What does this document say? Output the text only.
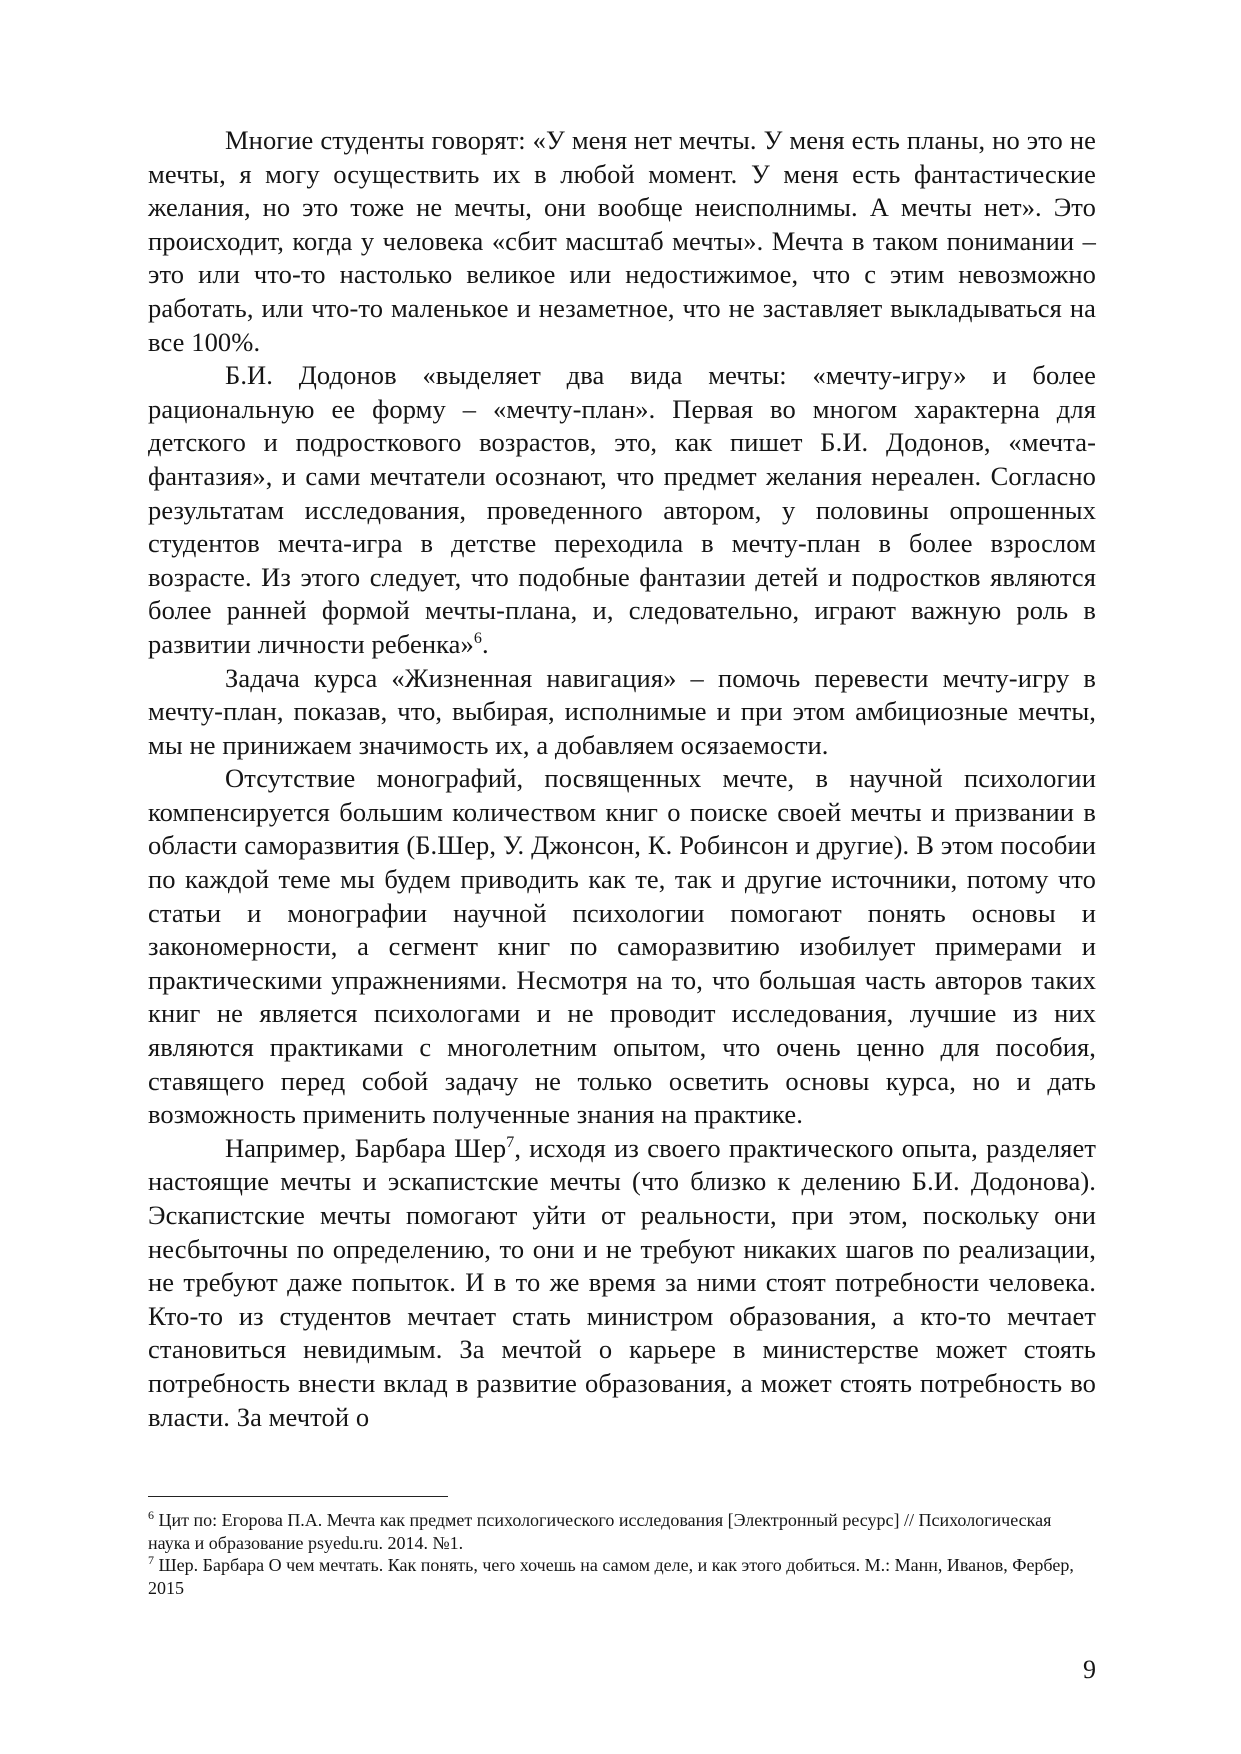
Многие студенты говорят: «У меня нет мечты. У меня есть планы, но это не мечты, я могу осуществить их в любой момент. У меня есть фантастические желания, но это тоже не мечты, они вообще неисполнимы. А мечты нет». Это происходит, когда у человека «сбит масштаб мечты». Мечта в таком понимании – это или что-то настолько великое или недостижимое, что с этим невозможно работать, или что-то маленькое и незаметное, что не заставляет выкладываться на все 100%.

Б.И. Додонов «выделяет два вида мечты: «мечту-игру» и более рациональную ее форму – «мечту-план». Первая во многом характерна для детского и подросткового возрастов, это, как пишет Б.И. Додонов, «мечта-фантазия», и сами мечтатели осознают, что предмет желания нереален. Согласно результатам исследования, проведенного автором, у половины опрошенных студентов мечта-игра в детстве переходила в мечту-план в более взрослом возрасте. Из этого следует, что подобные фантазии детей и подростков являются более ранней формой мечты-плана, и, следовательно, играют важную роль в развитии личности ребенка»$^6$.

Задача курса «Жизненная навигация» – помочь перевести мечту-игру в мечту-план, показав, что, выбирая, исполнимые и при этом амбициозные мечты, мы не принижаем значимость их, а добавляем осязаемости.

Отсутствие монографий, посвященных мечте, в научной психологии компенсируется большим количеством книг о поиске своей мечты и призвании в области саморазвития (Б.Шер, У. Джонсон, К. Робинсон и другие). В этом пособии по каждой теме мы будем приводить как те, так и другие источники, потому что статьи и монографии научной психологии помогают понять основы и закономерности, а сегмент книг по саморазвитию изобилует примерами и практическими упражнениями. Несмотря на то, что большая часть авторов таких книг не является психологами и не проводит исследования, лучшие из них являются практиками с многолетним опытом, что очень ценно для пособия, ставящего перед собой задачу не только осветить основы курса, но и дать возможность применить полученные знания на практике.

Например, Барбара Шер$^7$, исходя из своего практического опыта, разделяет настоящие мечты и эскапистские мечты (что близко к делению Б.И. Додонова). Эскапистские мечты помогают уйти от реальности, при этом, поскольку они несбыточны по определению, то они и не требуют никаких шагов по реализации, не требуют даже попыток. И в то же время за ними стоят потребности человека. Кто-то из студентов мечтает стать министром образования, а кто-то мечтает становиться невидимым. За мечтой о карьере в министерстве может стоять потребность внести вклад в развитие образования, а может стоять потребность во власти. За мечтой о

$^6$ Цит по: Егорова П.А. Мечта как предмет психологического исследования [Электронный ресурс] // Психологическая наука и образование psyedu.ru. 2014. №1.

$^7$ Шер. Барбара О чем мечтать. Как понять, чего хочешь на самом деле, и как этого добиться. М.: Манн, Иванов, Фербер, 2015

9
